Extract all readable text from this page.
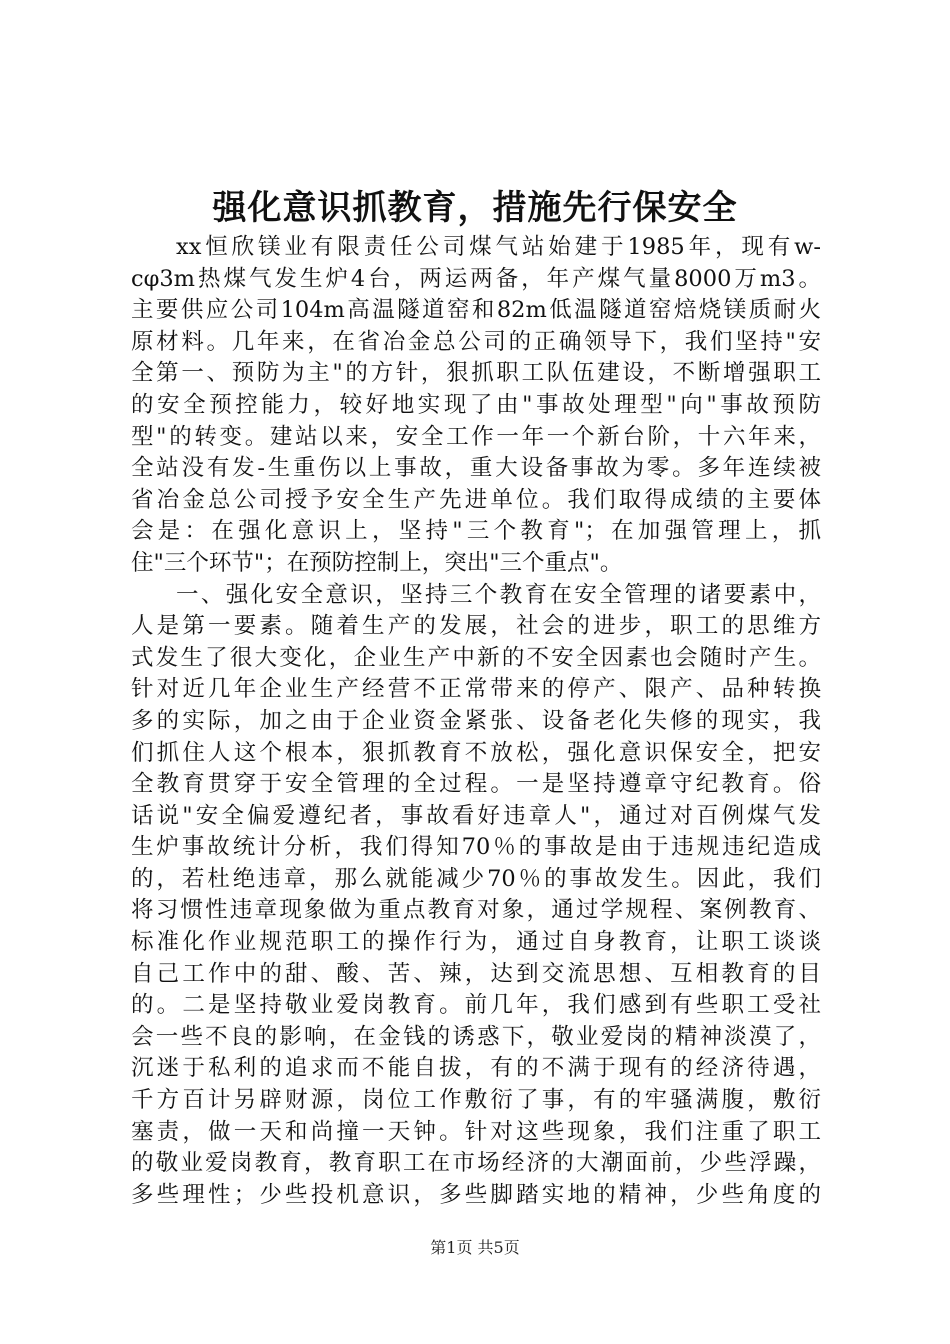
强化意识抓教育，措施先行保安全
xx恒欣镁业有限责任公司煤气站始建于1985年，现有w-
cφ3m热煤气发生炉4台，两运两备，年产煤气量8000万m3。
主要供应公司104m高温隧道窑和82m低温隧道窑焙烧镁质耐火
原材料。几年来，在省冶金总公司的正确领导下，我们坚持"安
全第一、预防为主"的方针，狠抓职工队伍建设，不断增强职工
的安全预控能力，较好地实现了由"事故处理型"向"事故预防
型"的转变。建站以来，安全工作一年一个新台阶，十六年来，
全站没有发-生重伤以上事故，重大设备事故为零。多年连续被
省冶金总公司授予安全生产先进单位。我们取得成绩的主要体
会是：在强化意识上，坚持"三个教育"；在加强管理上，抓
住"三个环节"；在预防控制上，突出"三个重点"。
一、强化安全意识，坚持三个教育在安全管理的诸要素中，
人是第一要素。随着生产的发展，社会的进步，职工的思维方
式发生了很大变化，企业生产中新的不安全因素也会随时产生。
针对近几年企业生产经营不正常带来的停产、限产、品种转换
多的实际，加之由于企业资金紧张、设备老化失修的现实，我
们抓住人这个根本，狠抓教育不放松，强化意识保安全，把安
全教育贯穿于安全管理的全过程。一是坚持遵章守纪教育。俗
话说"安全偏爱遵纪者，事故看好违章人"，通过对百例煤气发
生炉事故统计分析，我们得知70％的事故是由于违规违纪造成
的，若杜绝违章，那么就能减少70％的事故发生。因此，我们
将习惯性违章现象做为重点教育对象，通过学规程、案例教育、
标准化作业规范职工的操作行为，通过自身教育，让职工谈谈
自己工作中的甜、酸、苦、辣，达到交流思想、互相教育的目
的。二是坚持敬业爱岗教育。前几年，我们感到有些职工受社
会一些不良的影响，在金钱的诱惑下，敬业爱岗的精神淡漠了，
沉迷于私利的追求而不能自拔，有的不满于现有的经济待遇，
千方百计另辟财源，岗位工作敷衍了事，有的牢骚满腹，敷衍
塞责，做一天和尚撞一天钟。针对这些现象，我们注重了职工
的敬业爱岗教育，教育职工在市场经济的大潮面前，少些浮躁，
多些理性；少些投机意识，多些脚踏实地的精神，少些角度的
第1页 共5页
